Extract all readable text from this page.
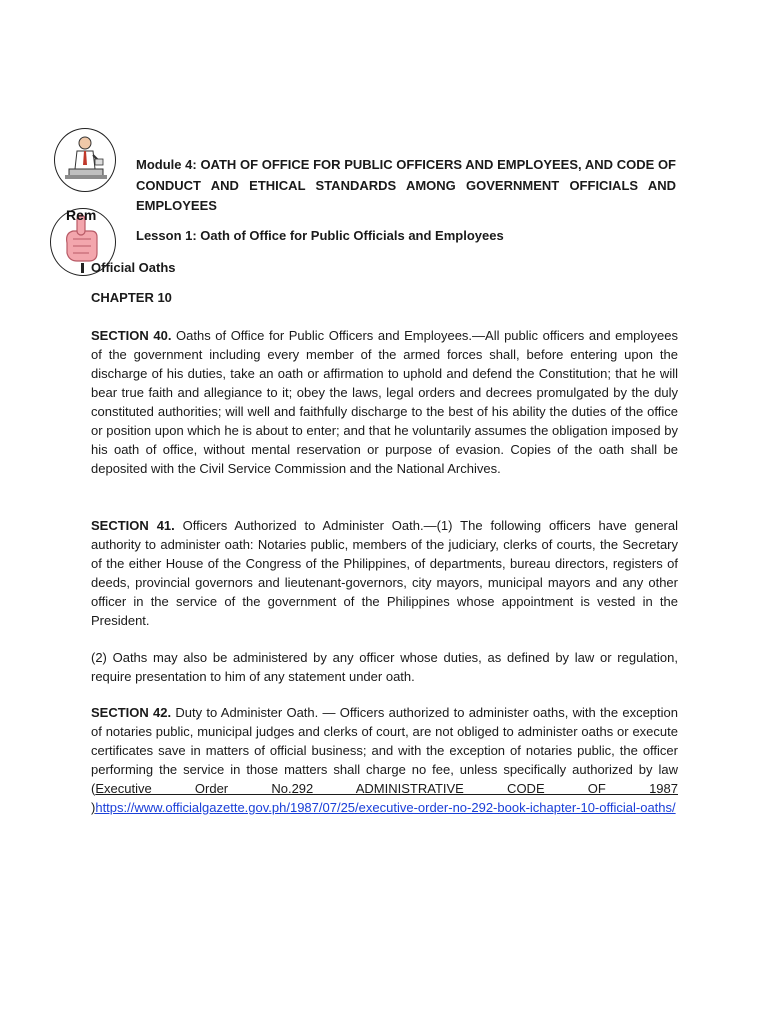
Rem
Module 4: OATH OF OFFICE FOR PUBLIC OFFICERS AND EMPLOYEES, AND CODE OF CONDUCT AND ETHICAL STANDARDS AMONG GOVERNMENT OFFICIALS AND EMPLOYEES
Lesson 1: Oath of Office for Public Officials and Employees
Official Oaths
CHAPTER 10

SECTION 40. Oaths of Office for Public Officers and Employees.—All public officers and employees of the government including every member of the armed forces shall, before entering upon the discharge of his duties, take an oath or affirmation to uphold and defend the Constitution; that he will bear true faith and allegiance to it; obey the laws, legal orders and decrees promulgated by the duly constituted authorities; will well and faithfully discharge to the best of his ability the duties of the office or position upon which he is about to enter; and that he voluntarily assumes the obligation imposed by his oath of office, without mental reservation or purpose of evasion. Copies of the oath shall be deposited with the Civil Service Commission and the National Archives.

SECTION 41. Officers Authorized to Administer Oath.—(1) The following officers have general authority to administer oath: Notaries public, members of the judiciary, clerks of courts, the Secretary of the either House of the Congress of the Philippines, of departments, bureau directors, registers of deeds, provincial governors and lieutenant-governors, city mayors, municipal mayors and any other officer in the service of the government of the Philippines whose appointment is vested in the President.

(2) Oaths may also be administered by any officer whose duties, as defined by law or regulation, require presentation to him of any statement under oath.

SECTION 42. Duty to Administer Oath. — Officers authorized to administer oaths, with the exception of notaries public, municipal judges and clerks of court, are not obliged to administer oaths or execute certificates save in matters of official business; and with the exception of notaries public, the officer performing the service in those matters shall charge no fee, unless specifically authorized by law (Executive Order No.292 ADMINISTRATIVE CODE OF 1987 )https://www.officialgazette.gov.ph/1987/07/25/executive-order-no-292-book-ichapter-10-official-oaths/
